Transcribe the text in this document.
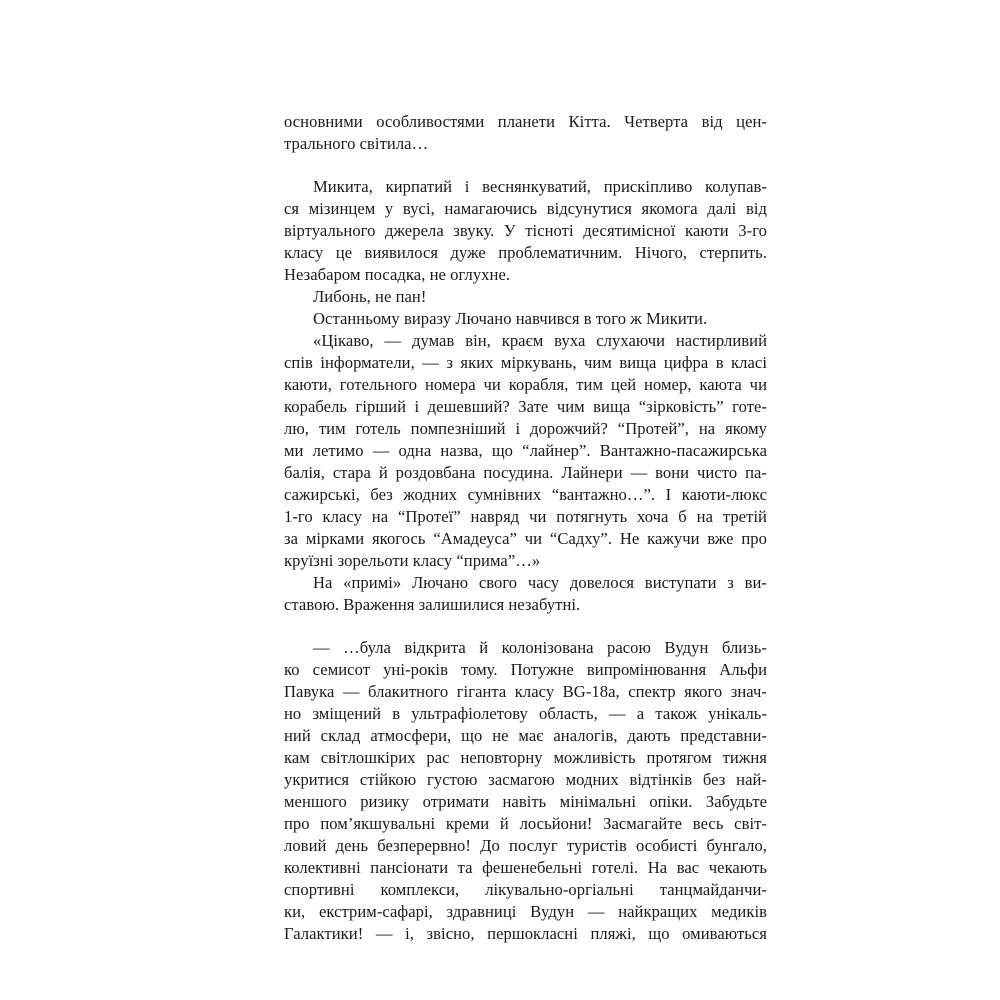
основними особливостями планети Кітта. Четверта від цен-
трального світила…
Микита, кирпатий і веснянкуватий, прискіпливо колупав-
ся мізинцем у вусі, намагаючись відсунутися якомога далі від
віртуального джерела звуку. У тісноті десятимісної каюти 3-го
класу це виявилося дуже проблематичним. Нічого, стерпить.
Незабаром посадка, не оглухне.
Либонь, не пан!
Останньому виразу Лючано навчився в того ж Микити.
«Цікаво, — думав він, краєм вуха слухаючи настирливий
спів інформатели, — з яких міркувань, чим вища цифра в класі
каюти, готельного номера чи корабля, тим цей номер, каюта чи
корабель гірший і дешевший? Зате чим вища “зірковість” готе-
лю, тим готель помпезніший і дорожчий? “Протей”, на якому
ми летимо — одна назва, що “лайнер”. Вантажно-пасажирська
балія, стара й роздовбана посудина. Лайнери — вони чисто па-
сажирські, без жодних сумнівних “вантажно…”. І каюти-люкс
1-го класу на “Протеї” навряд чи потягнуть хоча б на третій
за мірками якогось “Амадеуса” чи “Садху”. Не кажучи вже про
круїзні зорельоти класу “прима”…»
На «примі» Лючано свого часу довелося виступати з ви-
ставою. Враження залишилися незабутні.
— …була відкрита й колонізована расою Вудун близь-
ко семисот уні-років тому. Потужне випромінювання Альфи
Павука — блакитного гіганта класу BG-18a, спектр якого знач-
но зміщений в ультрафіолетову область, — а також унікаль-
ний склад атмосфери, що не має аналогів, дають представни-
кам світлошкірих рас неповторну можливість протягом тижня
укритися стійкою густою засмагою модних відтінків без най-
меншого ризику отримати навіть мінімальні опіки. Забудьте
про пом’якшувальні креми й лосьйони! Засмагайте весь світ-
ловий день безперервно! До послуг туристів особисті бунгало,
колективні пансіонати та фешенебельні готелі. На вас чекають
спортивні комплекси, лікувально-оргіальні танцмайданчи-
ки, екстрим-сафарі, здравниці Вудун — найкращих медиків
Галактики! — і, звісно, першокласні пляжі, що омиваються
